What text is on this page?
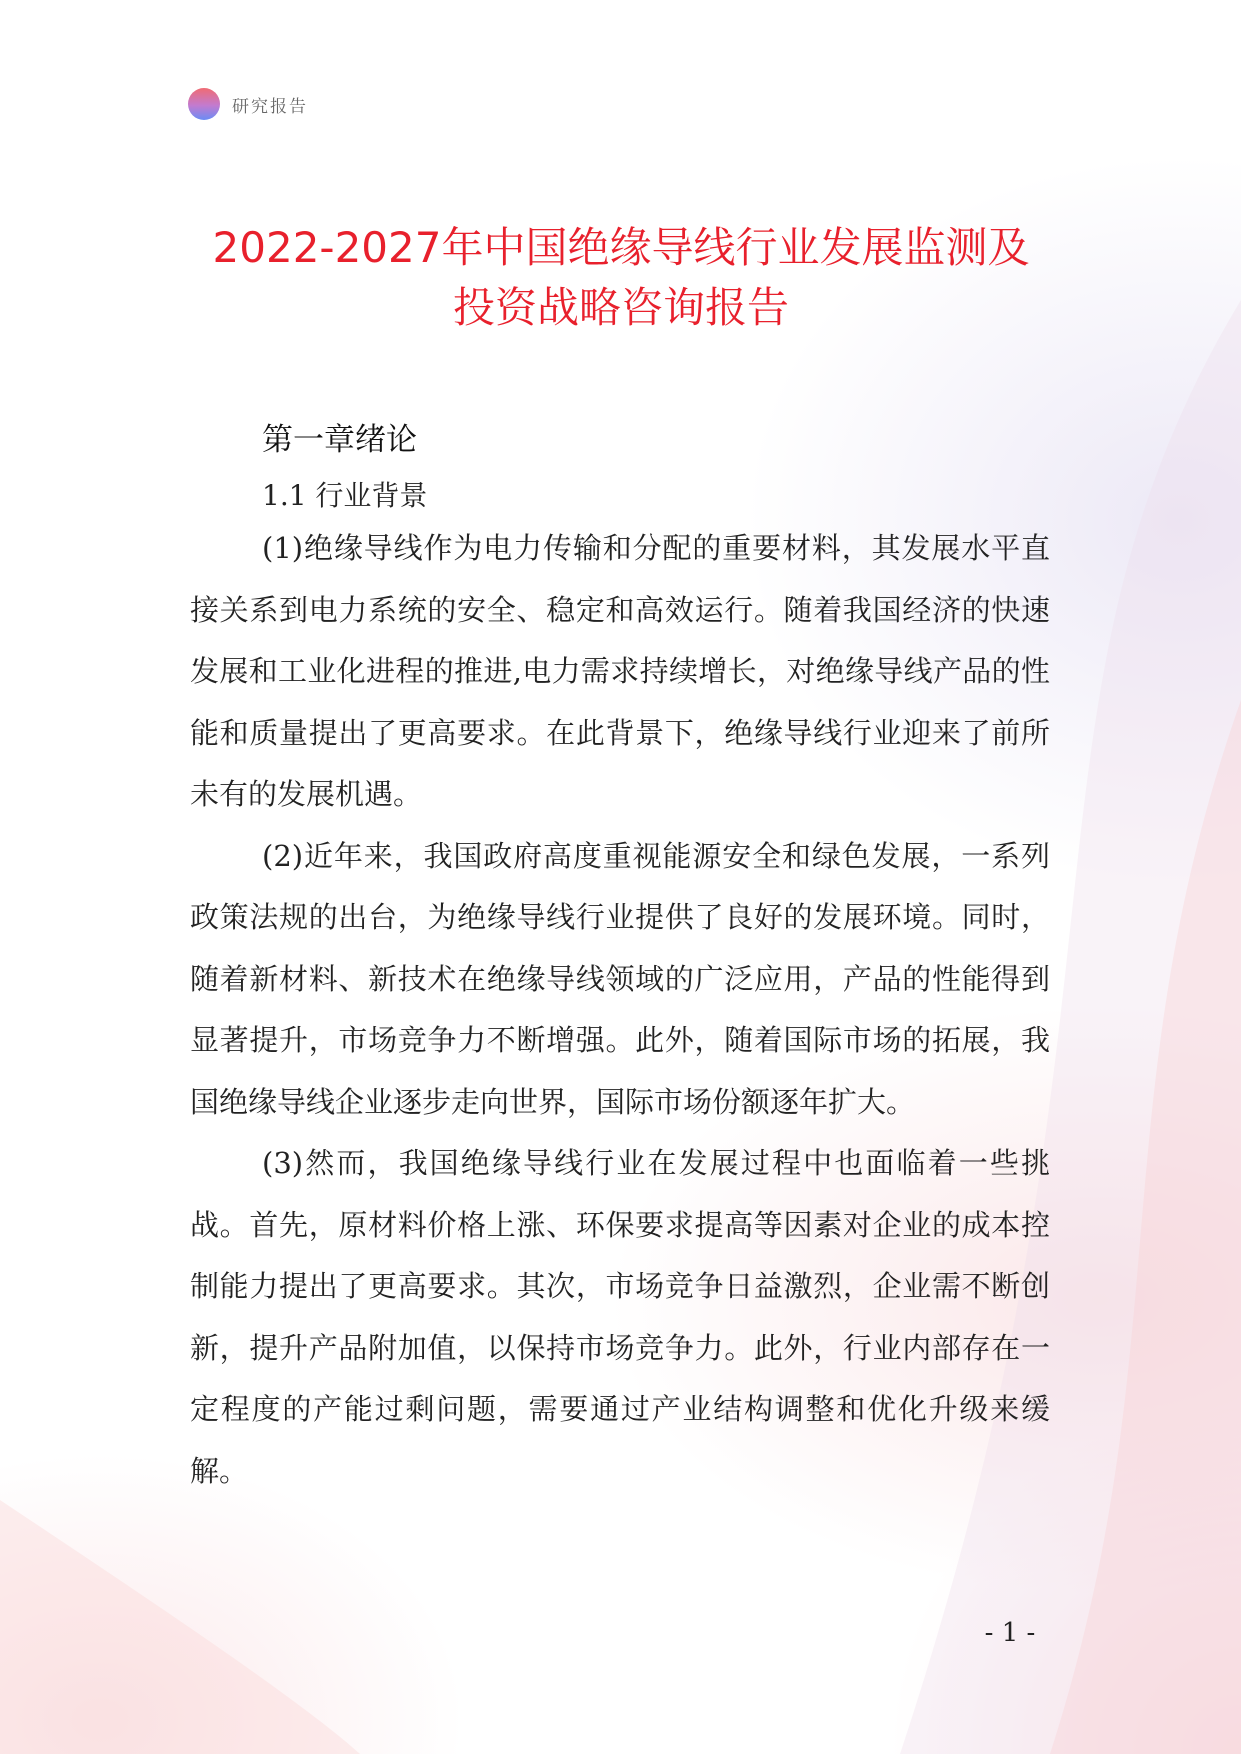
研究报告
2022-2027年中国绝缘导线行业发展监测及
投资战略咨询报告
第一章绪论
1.1 行业背景

(1)绝缘导线作为电力传输和分配的重要材料，其发展水平直接关系到电力系统的安全、稳定和高效运行。随着我国经济的快速发展和工业化进程的推进,电力需求持续增长，对绝缘导线产品的性能和质量提出了更高要求。在此背景下，绝缘导线行业迎来了前所未有的发展机遇。

(2)近年来，我国政府高度重视能源安全和绿色发展，一系列政策法规的出台，为绝缘导线行业提供了良好的发展环境。同时，随着新材料、新技术在绝缘导线领域的广泛应用，产品的性能得到显著提升，市场竞争力不断增强。此外，随着国际市场的拓展，我国绝缘导线企业逐步走向世界，国际市场份额逐年扩大。

(3)然而，我国绝缘导线行业在发展过程中也面临着一些挑战。首先，原材料价格上涨、环保要求提高等因素对企业的成本控制能力提出了更高要求。其次，市场竞争日益激烈，企业需不断创新，提升产品附加值，以保持市场竞争力。此外，行业内部存在一定程度的产能过剩问题，需要通过产业结构调整和优化升级来缓解。

- 1 -
